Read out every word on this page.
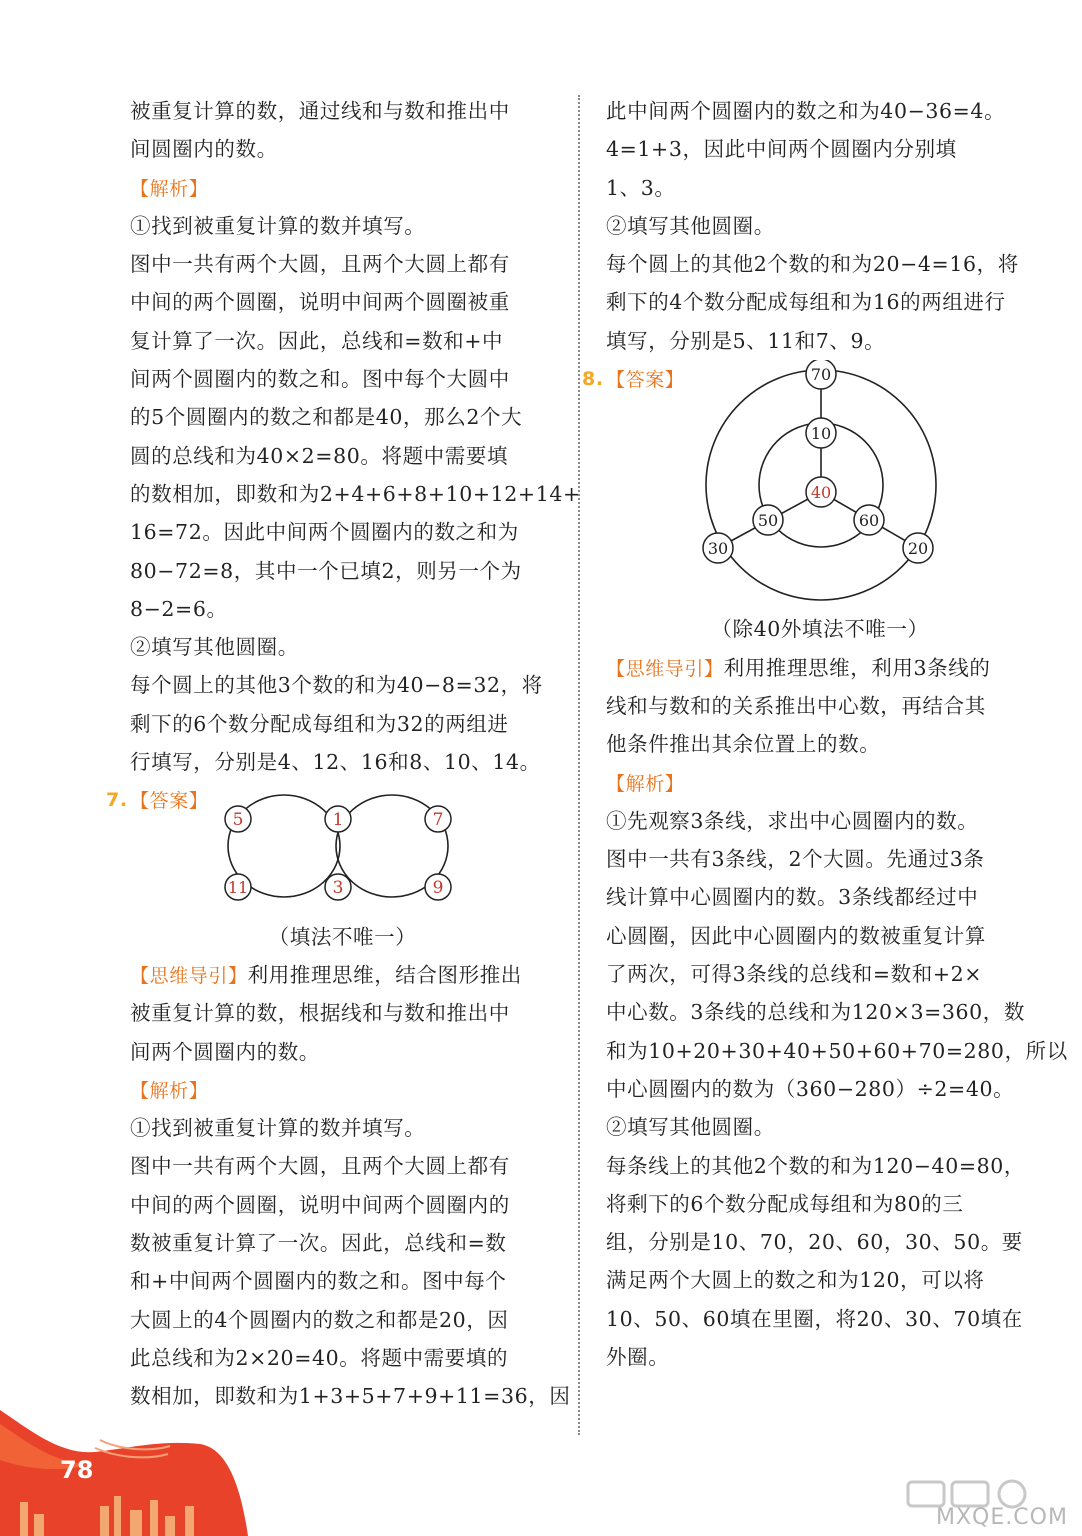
被重复计算的数，通过线和与数和推出中

间圆圈内的数。

【解析】

①找到被重复计算的数并填写。

图中一共有两个大圆，且两个大圆上都有

中间的两个圆圈，说明中间两个圆圈被重

复计算了一次。因此，总线和=数和+中

间两个圆圈内的数之和。图中每个大圆中

的5个圆圈内的数之和都是40，那么2个大

圆的总线和为40×2=80。将题中需要填

的数相加，即数和为2+4+6+8+10+12+14+

16=72。因此中间两个圆圈内的数之和为

80−72=8，其中一个已填2，则另一个为

8−2=6。

②填写其他圆圈。

每个圆上的其他3个数的和为40−8=32，将

剩下的6个数分配成每组和为32的两组进

行填写，分别是4、12、16和8、10、14。

7. 【答案】

5	1	7
11	3	9

（填法不唯一）

【思维导引】利用推理思维，结合图形推出

被重复计算的数，根据线和与数和推出中

间两个圆圈内的数。

【解析】

①找到被重复计算的数并填写。

图中一共有两个大圆，且两个大圆上都有

中间的两个圆圈，说明中间两个圆圈内的

数被重复计算了一次。因此，总线和=数

和+中间两个圆圈内的数之和。图中每个

大圆上的4个圆圈内的数之和都是20，因

此总线和为2×20=40。将题中需要填的

数相加，即数和为1+3+5+7+9+11=36，因

此中间两个圆圈内的数之和为40−36=4。

4=1+3，因此中间两个圆圈内分别填

1、3。

②填写其他圆圈。

每个圆上的其他2个数的和为20−4=16，将

剩下的4个数分配成每组和为16的两组进行

填写，分别是5、11和7、9。

8. 【答案】	70
10
40
50	60
30	20

（除40外填法不唯一）

【思维导引】利用推理思维，利用3条线的

线和与数和的关系推出中心数，再结合其

他条件推出其余位置上的数。

【解析】

①先观察3条线，求出中心圆圈内的数。

图中一共有3条线，2个大圆。先通过3条

线计算中心圆圈内的数。3条线都经过中

心圆圈，因此中心圆圈内的数被重复计算

了两次，可得3条线的总线和=数和+2×

中心数。3条线的总线和为120×3=360，数

和为10+20+30+40+50+60+70=280，所以

中心圆圈内的数为（360−280）÷2=40。

②填写其他圆圈。

每条线上的其他2个数的和为120−40=80，

将剩下的6个数分配成每组和为80的三

组，分别是10、70，20、60，30、50。要

满足两个大圆上的数之和为120，可以将

10、50、60填在里圈，将20、30、70填在

外圈。

78
MXQE.COM
